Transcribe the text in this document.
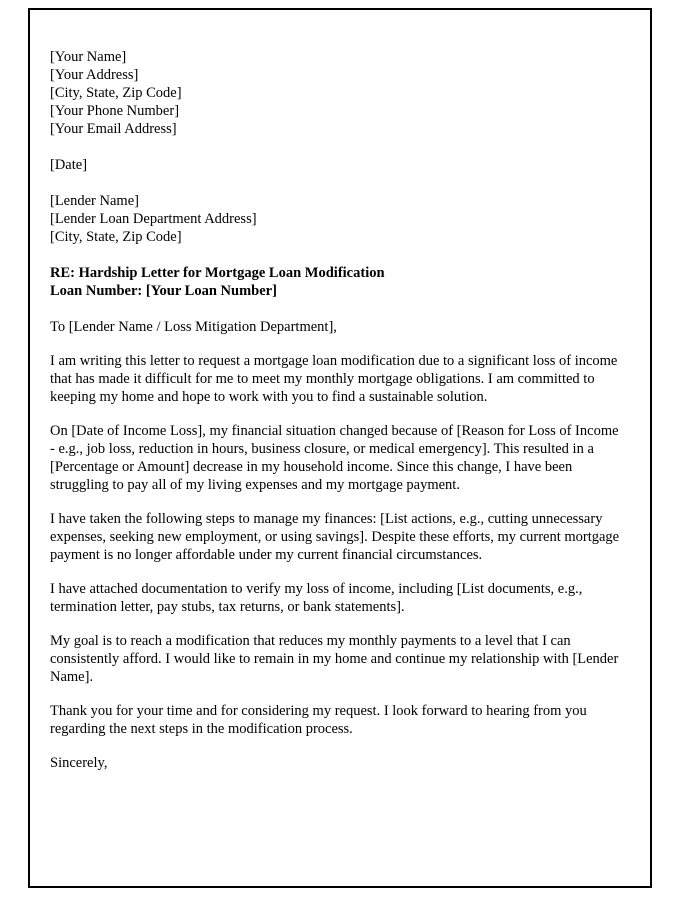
[Your Name]

[Your Address]

[City, State, Zip Code]

[Your Phone Number]

[Your Email Address]

[Date]

[Lender Name]

[Lender Loan Department Address]

[City, State, Zip Code]

RE: Hardship Letter for Mortgage Loan Modification

Loan Number: [Your Loan Number]

To [Lender Name / Loss Mitigation Department],

I am writing this letter to request a mortgage loan modification due to a significant loss of income that has made it difficult for me to meet my monthly mortgage obligations. I am committed to keeping my home and hope to work with you to find a sustainable solution.

On [Date of Income Loss], my financial situation changed because of [Reason for Loss of Income - e.g., job loss, reduction in hours, business closure, or medical emergency]. This resulted in a [Percentage or Amount] decrease in my household income. Since this change, I have been struggling to pay all of my living expenses and my mortgage payment.

I have taken the following steps to manage my finances: [List actions, e.g., cutting unnecessary expenses, seeking new employment, or using savings]. Despite these efforts, my current mortgage payment is no longer affordable under my current financial circumstances.

I have attached documentation to verify my loss of income, including [List documents, e.g., termination letter, pay stubs, tax returns, or bank statements].

My goal is to reach a modification that reduces my monthly payments to a level that I can consistently afford. I would like to remain in my home and continue my relationship with [Lender Name].

Thank you for your time and for considering my request. I look forward to hearing from you regarding the next steps in the modification process.

Sincerely,
